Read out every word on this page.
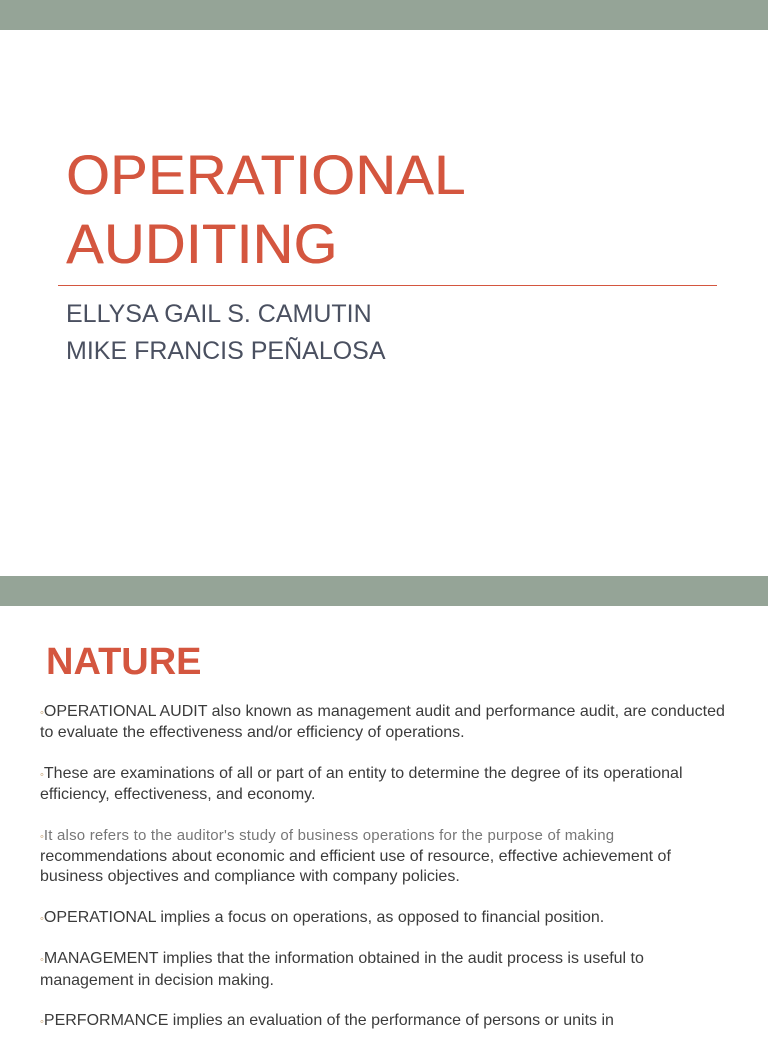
OPERATIONAL
AUDITING
ELLYSA GAIL S. CAMUTIN
MIKE FRANCIS PEÑALOSA
NATURE

◦OPERATIONAL AUDIT also known as management audit and performance audit, are conducted to evaluate the effectiveness and/or efficiency of operations.

◦These are examinations of all or part of an entity to determine the degree of its operational efficiency, effectiveness, and economy.

◦It also refers to the auditor's study of business operations for the purpose of making
recommendations about economic and efficient use of resource, effective achievement of business objectives and compliance with company policies.

◦OPERATIONAL implies a focus on operations, as opposed to financial position.

◦MANAGEMENT implies that the information obtained in the audit process is useful to management in decision making.

◦PERFORMANCE implies an evaluation of the performance of persons or units in
